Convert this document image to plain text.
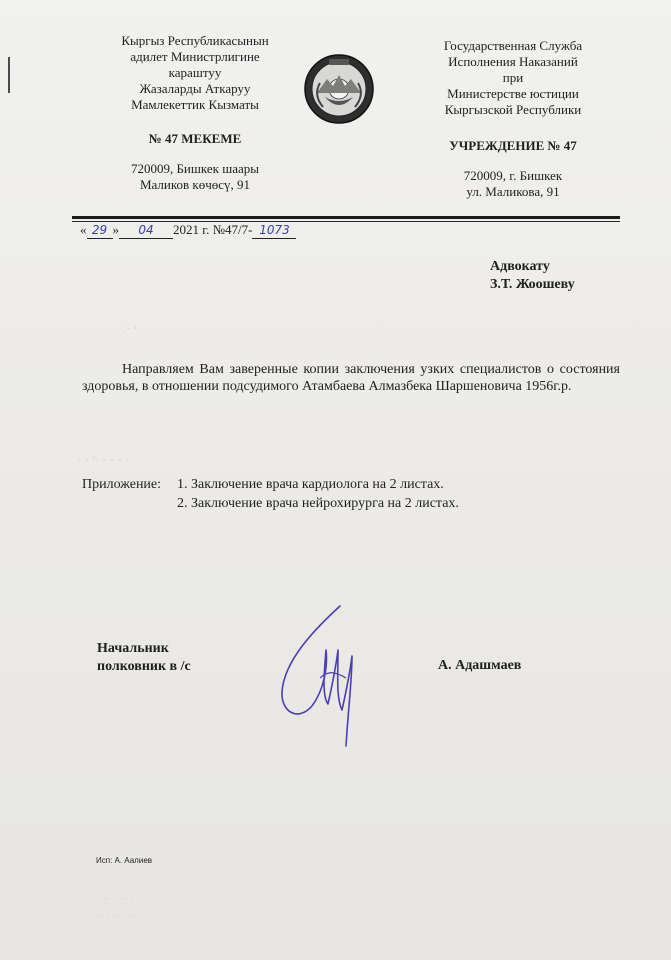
Кыргыз Республикасынын
адилет Министрлигине
караштуу
Жазаларды Аткаруу
Мамлекеттик Кызматы
№ 47 МЕКЕМЕ
720009, Бишкек шаары
Маликов көчөсү, 91
Государственная Служба
Исполнения Наказаний
при
Министерстве юстиции
Кыргызской Республики
УЧРЕЖДЕНИЕ № 47
720009, г. Бишкек
ул. Маликова, 91
« 29 » 04 2021 г. №47/7- 1073
Адвокату
З.Т. Жоошеву
·ˉ ʼ·
Направляем Вам заверенные копии заключения узких специалистов о состояния здоровья, в отношении подсудимого Атамбаева Алмазбека Шаршеновича 1956г.р.
· ‐ ʹ· ‐ ‐ ‐ ·
Приложение:	1. Заключение врача кардиолога на 2 листах.
2. Заключение врача нейрохирурга на 2 листах.
Начальник
полковник в /с	А. Адашмаев
Исп: А. Аалиев
∙ ∙∙ ∙ ∙∙ ∙
∙∙ ∙ ∙∙∙ ∙∙
